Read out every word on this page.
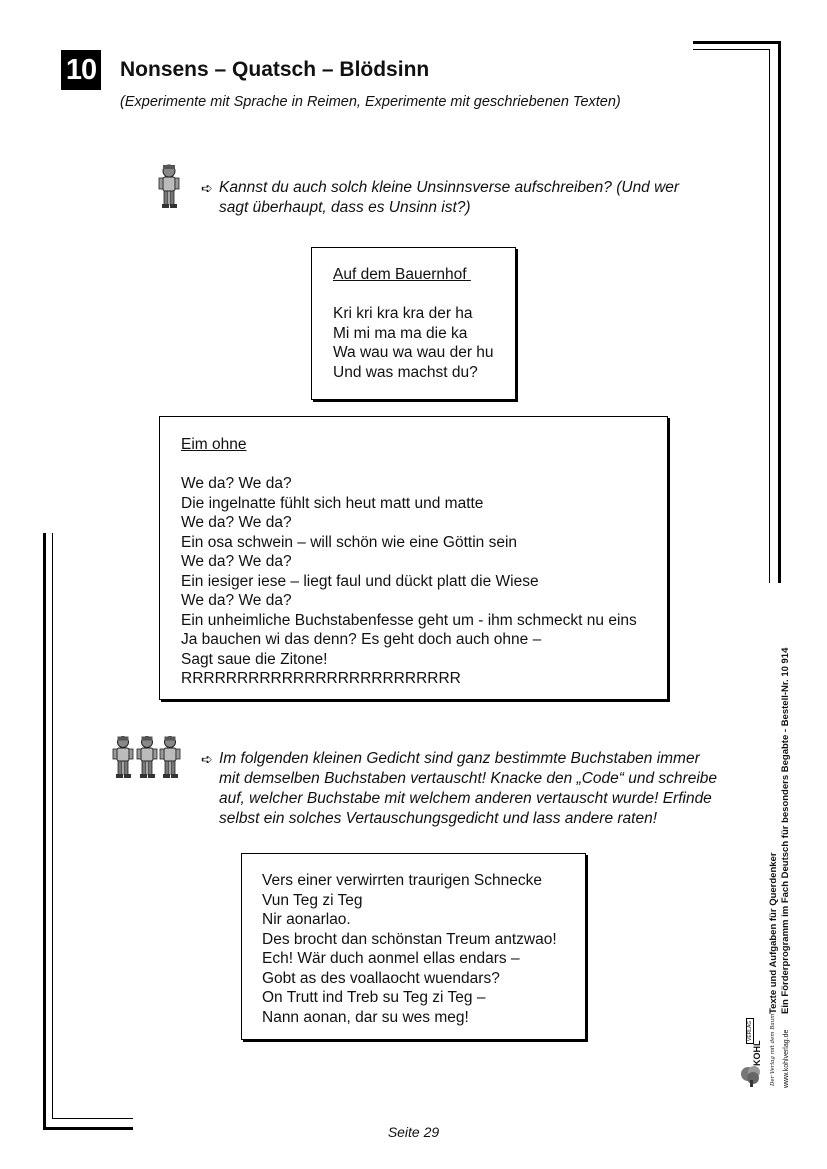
10 Nonsens – Quatsch – Blödsinn
(Experimente mit Sprache in Reimen, Experimente mit geschriebenen Texten)
➪ Kannst du auch solch kleine Unsinnsverse aufschreiben? (Und wer
sagt überhaupt, dass es Unsinn ist?)
Auf dem Bauernhof
Kri kri kra kra der ha
Mi mi ma ma die ka
Wa wau wa wau der hu
Und was machst du?
Eim ohne
We da? We da?
Die ingelnatte fühlt sich heut matt und matte
We da? We da?
Ein osa schwein – will schön wie eine Göttin sein
We da? We da?
Ein iesiger iese – liegt faul und dückt platt die Wiese
We da? We da?
Ein unheimliche Buchstabenfesse geht um - ihm schmeckt nu eins
Ja bauchen wi das denn? Es geht doch auch ohne –
Sagt saue die Zitone!
RRRRRRRRRRRRRRRRRRRRRRRRR
➪ Im folgenden kleinen Gedicht sind ganz bestimmte Buchstaben immer
mit demselben Buchstaben vertauscht! Knacke den „Code“ und schreibe
auf, welcher Buchstabe mit welchem anderen vertauscht wurde! Erfinde
selbst ein solches Vertauschungsgedicht und lass andere raten!
Vers einer verwirrten traurigen Schnecke
Vun Teg zi Teg
Nir aonarlao.
Des brocht dan schönstan Treum antzwao!
Ech! Wär duch aonmel ellas endars –
Gobt as des voallaocht wuendars?
On Trutt ind Treb su Teg zi Teg –
Nann aonan, dar su wes meg!
Texte und Aufgaben für Querdenker Ein Förderprogramm im Fach Deutsch für besonders Begabte - Bestell-Nr. 10 914
KOHL
VERLAG	Der Verlag mit dem Baum www.kohlverlag.de
Seite 29
